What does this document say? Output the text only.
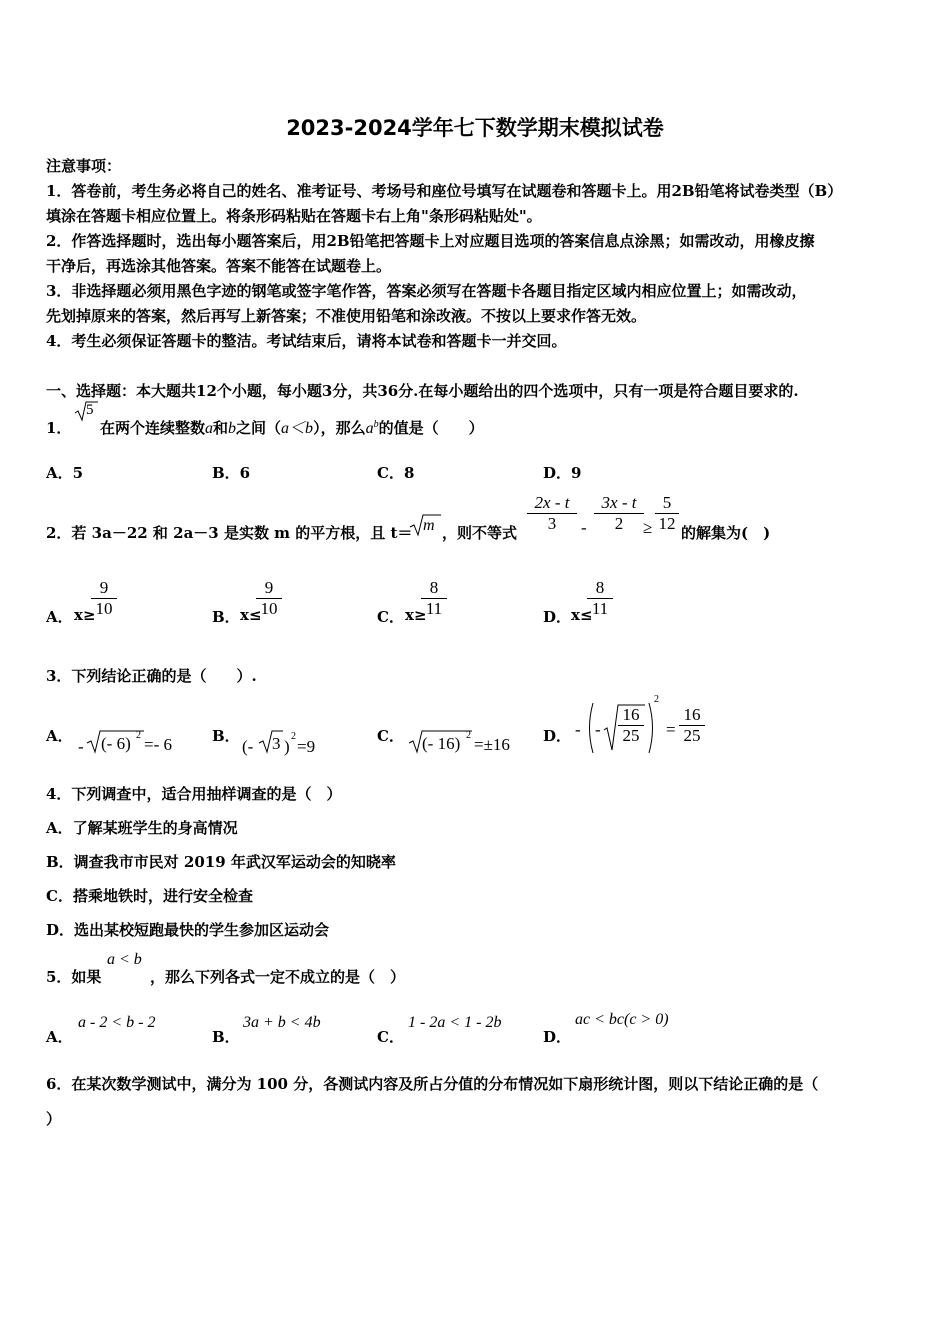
2023-2024学年七下数学期末模拟试卷
注意事项：
1．答卷前，考生务必将自己的姓名、准考证号、考场号和座位号填写在试题卷和答题卡上。用2B铅笔将试卷类型（B）
填涂在答题卡相应位置上。将条形码粘贴在答题卡右上角"条形码粘贴处"。
2．作答选择题时，选出每小题答案后，用2B铅笔把答题卡上对应题目选项的答案信息点涂黑；如需改动，用橡皮擦
干净后，再选涂其他答案。答案不能答在试题卷上。
3．非选择题必须用黑色字迹的钢笔或签字笔作答，答案必须写在答题卡各题目指定区域内相应位置上；如需改动，
先划掉原来的答案，然后再写上新答案；不准使用铅笔和涂改液。不按以上要求作答无效。
4．考生必须保证答题卡的整洁。考试结束后，请将本试卷和答题卡一并交回。
一、选择题：本大题共12个小题，每小题3分，共36分.在每小题给出的四个选项中，只有一项是符合题目要求的.
1．
5
在两个连续整数a和b之间（a＜b），那么$a^b$的值是（　　）
A．5	B．6	C．8	D．9
2．若 3a－22 和 2a－3 是实数 m 的平方根，且 t＝ m ，则不等式
2x - t
3	-
3x - t
2	≥
5
12 的解集为(　)
A． x≥
9
10	B． x≤
9
10	C． x≥
8
11	D． x≤
8
11
3．下列结论正确的是（　　）.
A．
- (- 6) 2 =- 6	B．
(- 3 )
2
=9
C． (- 16) 2 =±16 D． - -
16
25
2
=
16
25
4．下列调查中，适合用抽样调查的是（　）
A．了解某班学生的身高情况
B．调查我市市民对 2019 年武汉军运动会的知晓率
C．搭乘地铁时，进行安全检查
D．选出某校短跑最快的学生参加区运动会
5．如果
a < b
，那么下列各式一定不成立的是（　）
A．
a - 2 < b - 2
B．
3a + b < 4b
C．
1 - 2a < 1 - 2b
D．
ac < bc(c > 0)
6．在某次数学测试中，满分为 100 分，各测试内容及所占分值的分布情况如下扇形统计图，则以下结论正确的是（
）
